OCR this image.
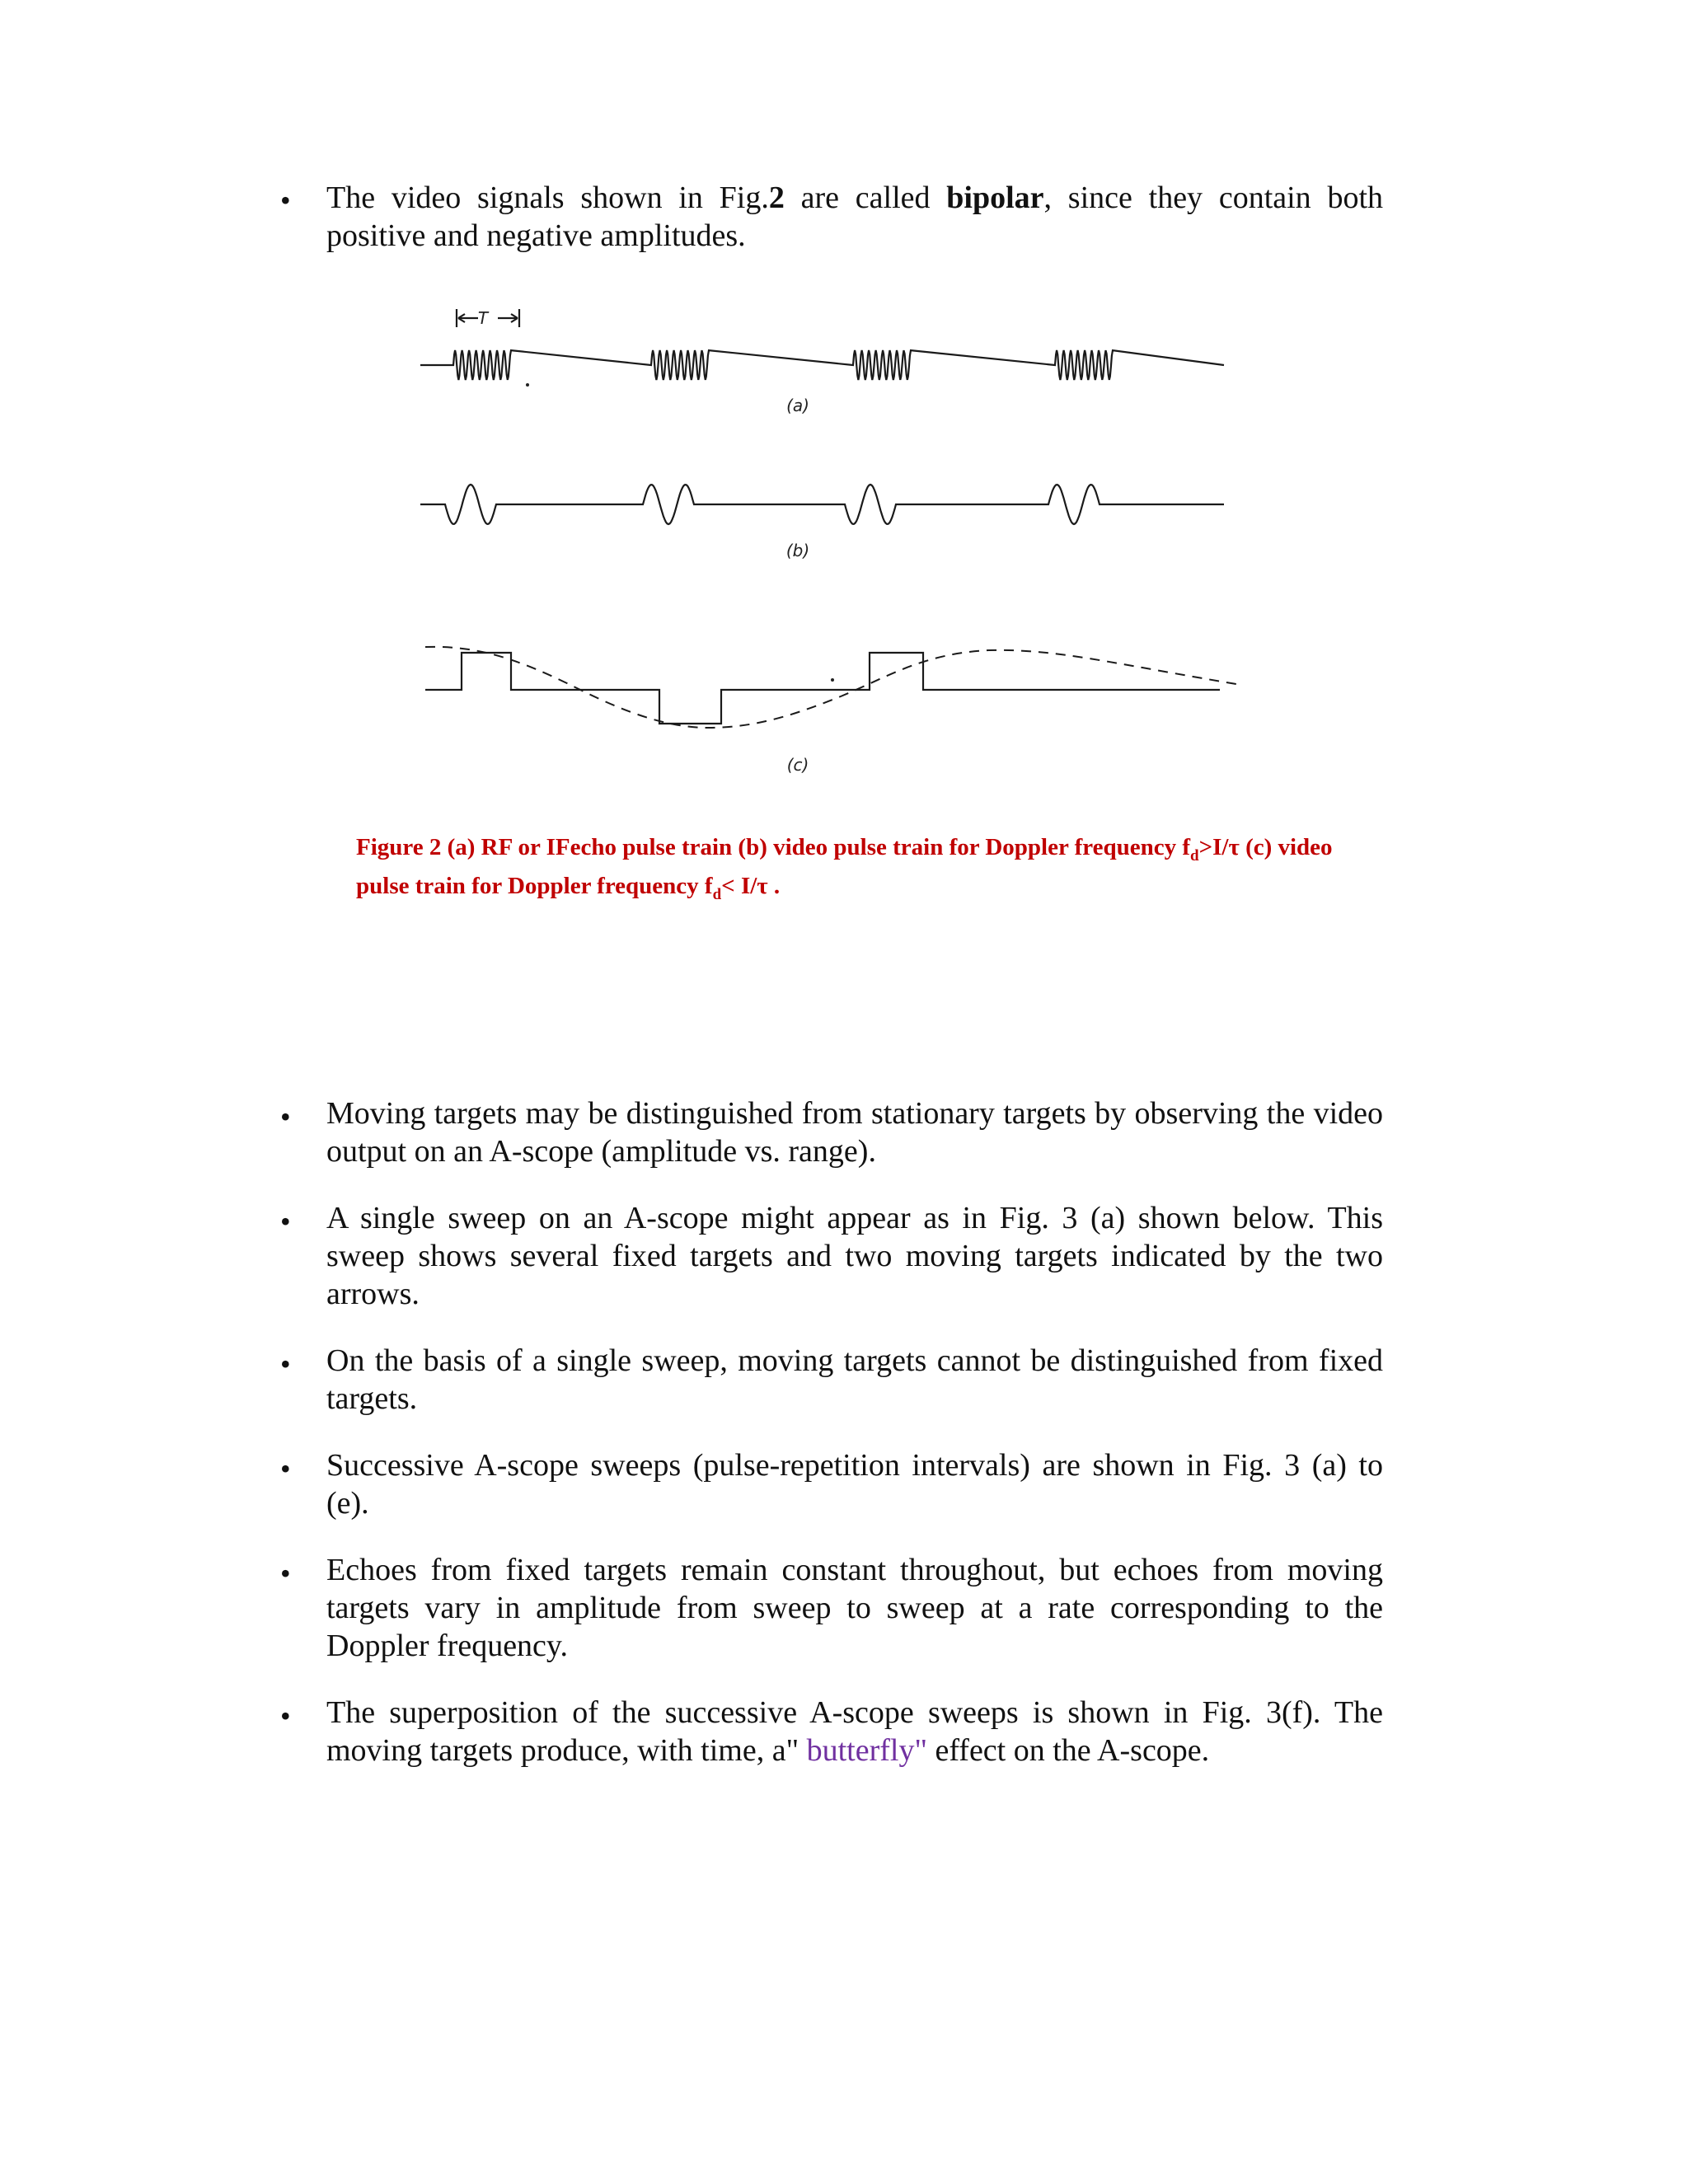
• The video signals shown in Fig.2 are called bipolar, since they contain both positive and negative amplitudes.
T
(a)
(b)
(c)
Figure 2 (a) RF or IFecho pulse train (b) video pulse train for Doppler frequency $f_d>I/\tau$ (c) video pulse train for Doppler frequency $f_d< I/\tau$ .
• Moving targets may be distinguished from stationary targets by observing the video output on an A-scope (amplitude vs. range).
• A single sweep on an A-scope might appear as in Fig. 3 (a) shown below. This sweep shows several fixed targets and two moving targets indicated by the two arrows.
• On the basis of a single sweep, moving targets cannot be distinguished from fixed targets.
• Successive A-scope sweeps (pulse-repetition intervals) are shown in Fig. 3 (a) to (e).
• Echoes from fixed targets remain constant throughout, but echoes from moving targets vary in amplitude from sweep to sweep at a rate corresponding to the Doppler frequency.
• The superposition of the successive A-scope sweeps is shown in Fig. 3(f). The moving targets produce, with time, a" butterfly" effect on the A-scope.
